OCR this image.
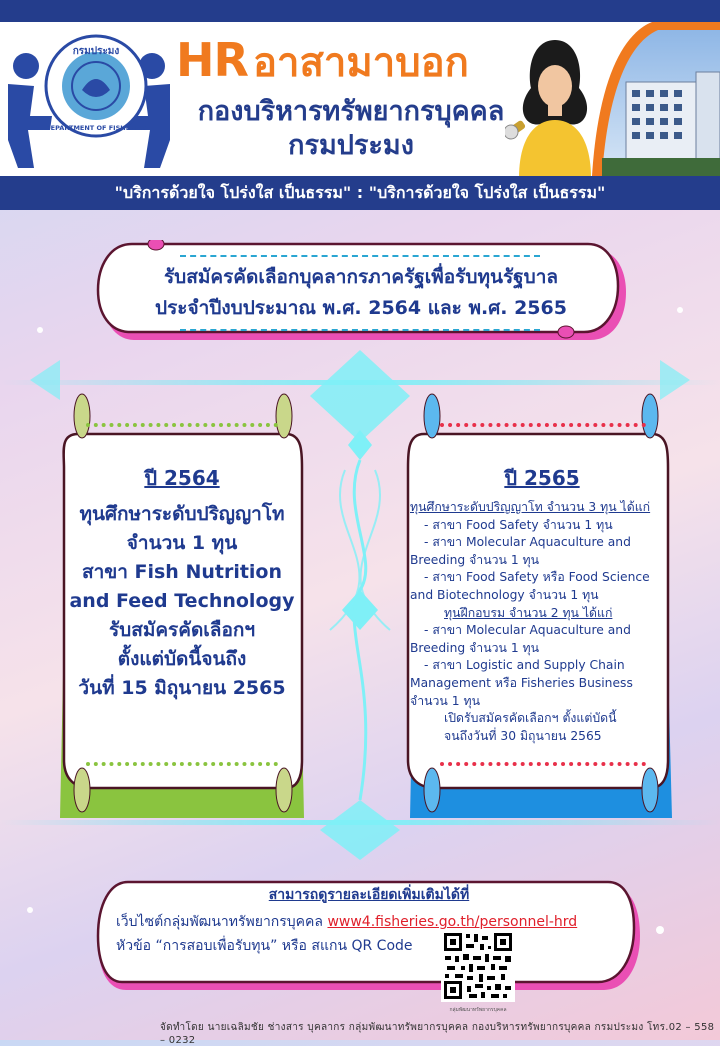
กรมประมง
DEPARTMENT OF FISHERIES
HR อาสามาบอก
กองบริหารทรัพยากรบุคคล
กรมประมง
"บริการด้วยใจ โปร่งใส เป็นธรรม" : "บริการด้วยใจ โปร่งใส เป็นธรรม"
รับสมัครคัดเลือกบุคลากรภาครัฐเพื่อรับทุนรัฐบาล
ประจำปีงบประมาณ พ.ศ. 2564 และ พ.ศ. 2565
ปี 2564
ทุนศึกษาระดับปริญญาโท
จำนวน 1 ทุน
สาขา Fish Nutrition
and Feed Technology
รับสมัครคัดเลือกฯ
ตั้งแต่บัดนี้จนถึง
วันที่ 15 มิถุนายน 2565
ปี 2565
ทุนศึกษาระดับปริญญาโท จำนวน 3 ทุน ได้แก่
- สาขา Food Safety จำนวน 1 ทุน
- สาขา Molecular Aquaculture and
Breeding จำนวน 1 ทุน
- สาขา Food Safety หรือ Food Science
and Biotechnology จำนวน 1 ทุน
ทุนฝึกอบรม จำนวน 2 ทุน ได้แก่
- สาขา Molecular Aquaculture and
Breeding จำนวน 1 ทุน
- สาขา Logistic and Supply Chain
Management หรือ Fisheries Business
จำนวน 1 ทุน
เปิดรับสมัครคัดเลือกฯ ตั้งแต่บัดนี้
จนถึงวันที่ 30 มิถุนายน 2565
สามารถดูรายละเอียดเพิ่มเติมได้ที่
เว็บไซต์กลุ่มพัฒนาทรัพยากรบุคคล www4.fisheries.go.th/personnel-hrd
หัวข้อ “การสอบเพื่อรับทุน” หรือ สแกน QR Code
กลุ่มพัฒนาทรัพยากรบุคคล
จัดทำโดย นายเฉลิมชัย ช่างสาร บุคลากร กลุ่มพัฒนาทรัพยากรบุคคล กองบริหารทรัพยากรบุคคล กรมประมง โทร.02 – 558 – 0232
